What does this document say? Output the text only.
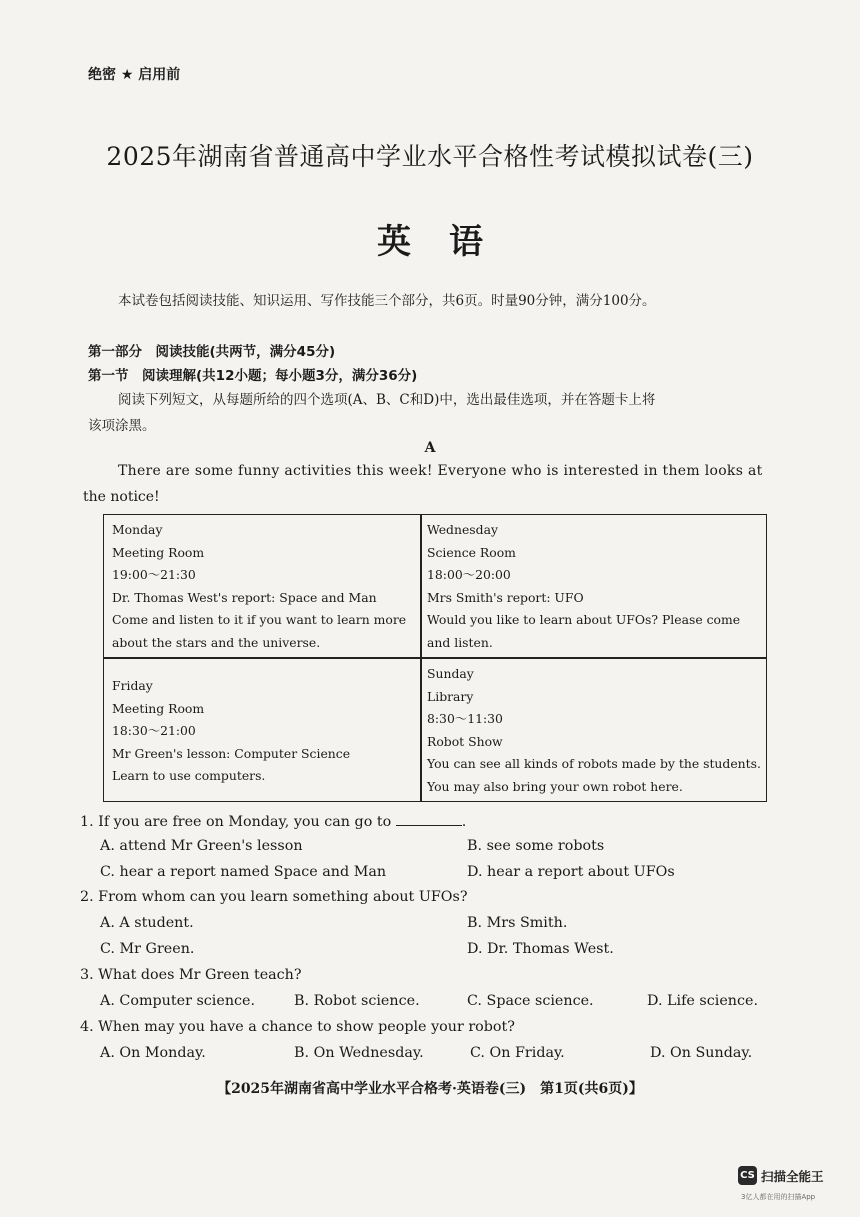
绝密 ★ 启用前
2025年湖南省普通高中学业水平合格性考试模拟试卷(三)
英语
本试卷包括阅读技能、知识运用、写作技能三个部分，共6页。时量90分钟，满分100分。
第一部分　阅读技能(共两节，满分45分)
第一节　阅读理解(共12小题；每小题3分，满分36分)
阅读下列短文，从每题所给的四个选项(A、B、C和D)中，选出最佳选项，并在答题卡上将
该项涂黑。
A
There are some funny activities this week! Everyone who is interested in them looks at
the notice!
Monday
Meeting Room
19:00～21:30
Dr. Thomas West's report: Space and Man
Come and listen to it if you want to learn more
about the stars and the universe.
Wednesday
Science Room
18:00～20:00
Mrs Smith's report: UFO
Would you like to learn about UFOs? Please come
and listen.
Friday
Meeting Room
18:30～21:00
Mr Green's lesson: Computer Science
Learn to use computers.
Sunday
Library
8:30～11:30
Robot Show
You can see all kinds of robots made by the students.
You may also bring your own robot here.
1. If you are free on Monday, you can go to	.
A. attend Mr Green's lesson	B. see some robots
C. hear a report named Space and Man	D. hear a report about UFOs
2. From whom can you learn something about UFOs?
A. A student.	B. Mrs Smith.
C. Mr Green.	D. Dr. Thomas West.
3. What does Mr Green teach?
A. Computer science.	B. Robot science.	C. Space science.	D. Life science.
4. When may you have a chance to show people your robot?
A. On Monday.	B. On Wednesday.	C. On Friday.	D. On Sunday.
【2025年湖南省高中学业水平合格考·英语卷(三)　第1页(共6页)】
CS 扫描全能王
3亿人都在用的扫描App
